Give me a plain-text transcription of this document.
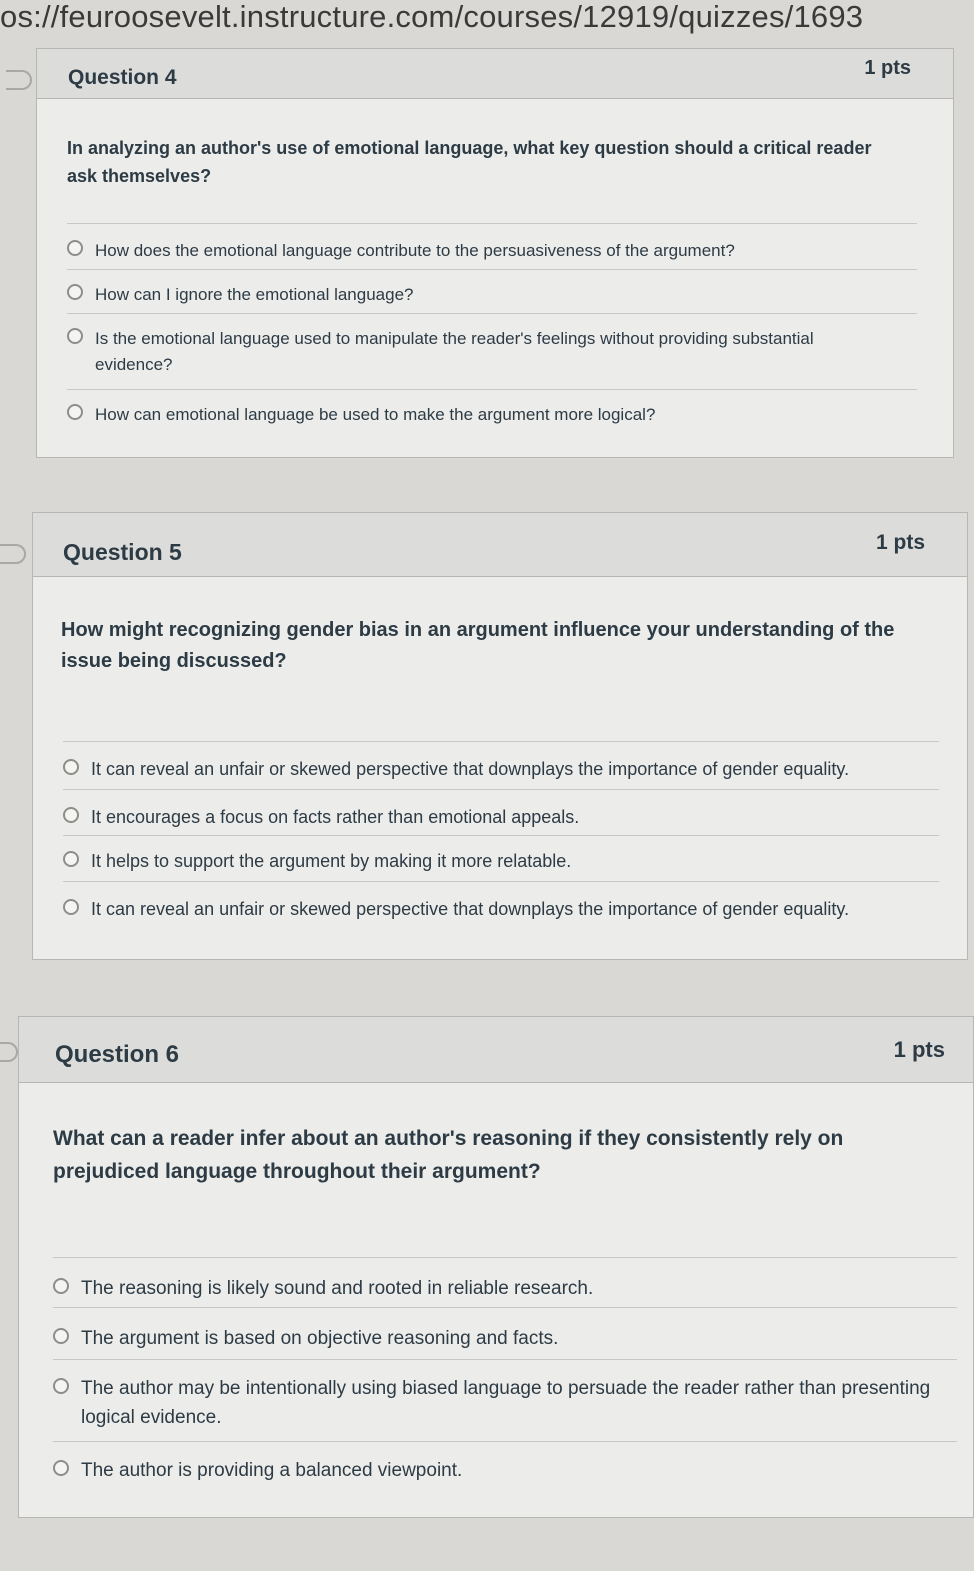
os://feuroosevelt.instructure.com/courses/12919/quizzes/1693
Question 4	1 pts
In analyzing an author's use of emotional language, what key question should a critical reader ask themselves?
How does the emotional language contribute to the persuasiveness of the argument?
How can I ignore the emotional language?
Is the emotional language used to manipulate the reader's feelings without providing substantial evidence?
How can emotional language be used to make the argument more logical?
Question 5	1 pts
How might recognizing gender bias in an argument influence your understanding of the issue being discussed?
It can reveal an unfair or skewed perspective that downplays the importance of gender equality.
It encourages a focus on facts rather than emotional appeals.
It helps to support the argument by making it more relatable.
It can reveal an unfair or skewed perspective that downplays the importance of gender equality.
Question 6	1 pts
What can a reader infer about an author's reasoning if they consistently rely on prejudiced language throughout their argument?
The reasoning is likely sound and rooted in reliable research.
The argument is based on objective reasoning and facts.
The author may be intentionally using biased language to persuade the reader rather than presenting logical evidence.
The author is providing a balanced viewpoint.
